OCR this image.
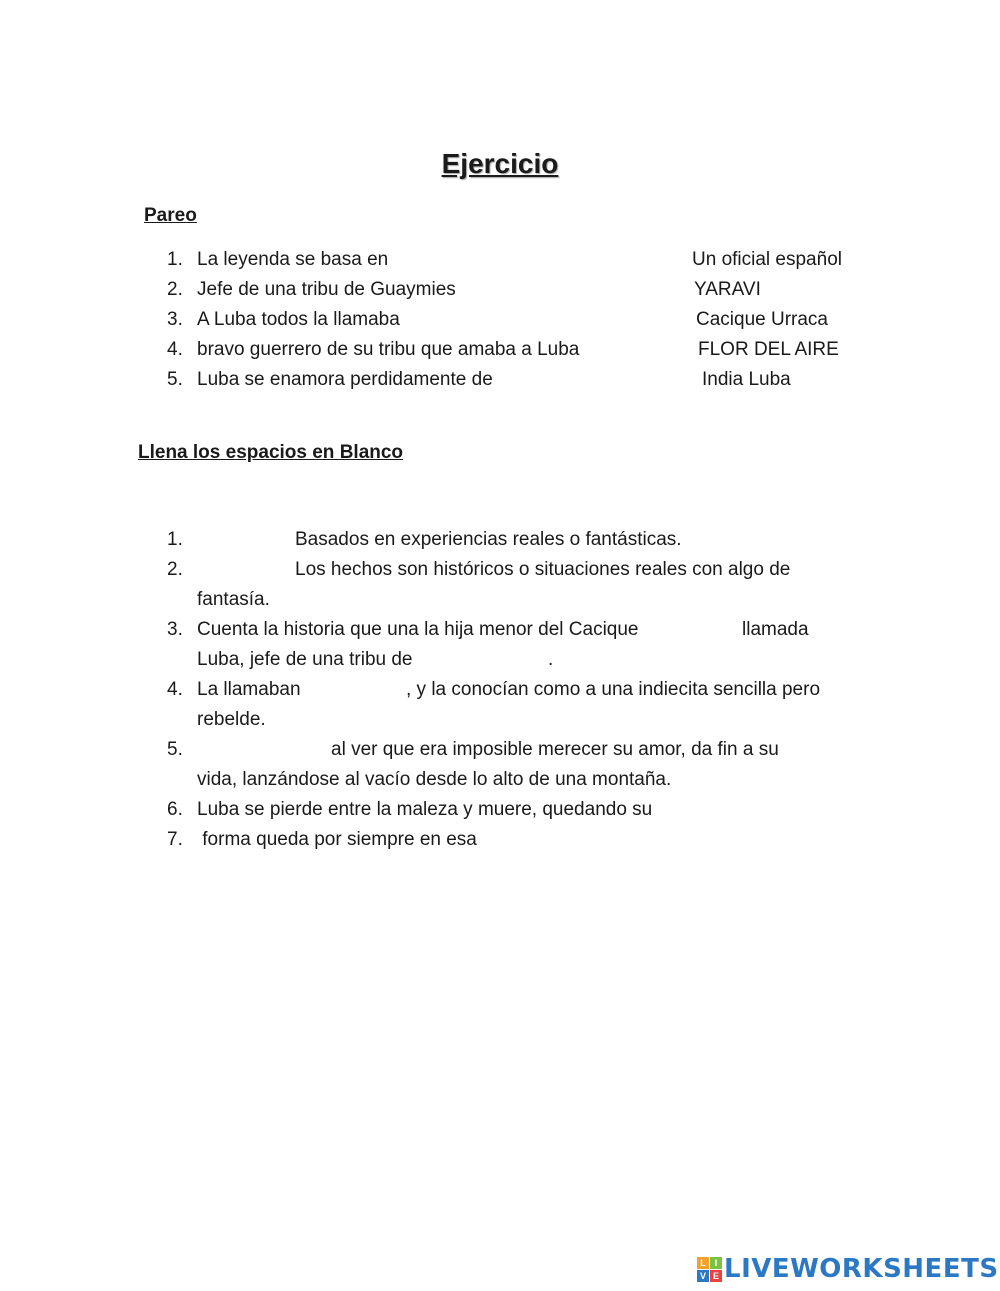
Ejercicio
Pareo
1. La leyenda se basa en	Un oficial español
2. Jefe de una tribu de Guaymies	YARAVI
3. A Luba todos la llamaba	Cacique Urraca
4. bravo guerrero de su tribu que amaba a Luba	FLOR DEL AIRE
5. Luba se enamora perdidamente de	India Luba
Llena los espacios en Blanco
1.	Basados en experiencias reales o fantásticas.
2.	Los hechos son históricos o situaciones reales con algo de
fantasía.
3. Cuenta la historia que una la hija menor del Cacique	llamada
Luba, jefe de una tribu de	.
4. La llamaban	, y la conocían como a una indiecita sencilla pero
rebelde.
5.	al ver que era imposible merecer su amor, da fin a su
vida, lanzándose al vacío desde lo alto de una montaña.
6. Luba se pierde entre la maleza y muere, quedando su
7. forma queda por siempre en esa
L I
V E LIVEWORKSHEETS
